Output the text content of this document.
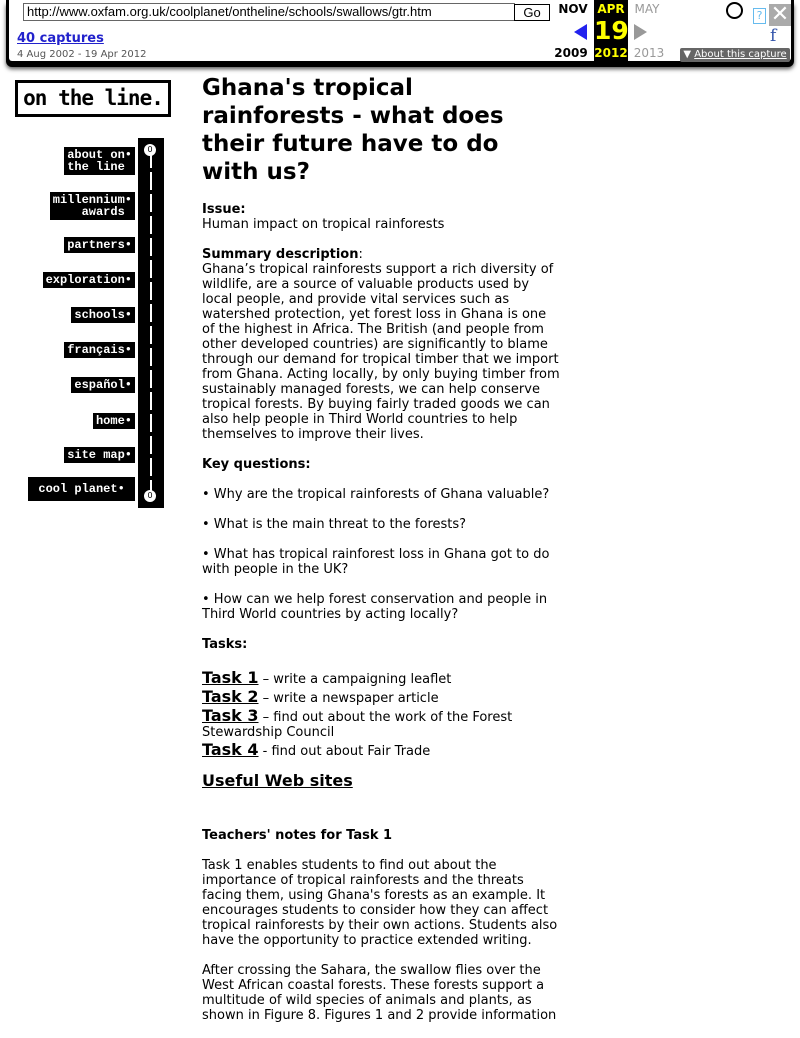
http://www.oxfam.org.uk/coolplanet/ontheline/schools/swallows/gtr.htm	Go
40 captures
4 Aug 2002 - 19 Apr 2012
NOV APR MAY
19
2009 2012 2013
? ✕
f
▼ About this capture
on the line.
about on•
the line
millennium•
awards
partners•
exploration•
schools•
français•
español•
home•
site map•
cool planet•
0
0
Ghana's tropical rainforests - what does their future have to do with us?

Issue:
Human impact on tropical rainforests

Summary description:
Ghana’s tropical rainforests support a rich diversity of wildlife, are a source of valuable products used by local people, and provide vital services such as watershed protection, yet forest loss in Ghana is one of the highest in Africa. The British (and people from other developed countries) are significantly to blame through our demand for tropical timber that we import from Ghana. Acting locally, by only buying timber from sustainably managed forests, we can help conserve tropical forests. By buying fairly traded goods we can also help people in Third World countries to help themselves to improve their lives.

Key questions:

• Why are the tropical rainforests of Ghana valuable?

• What is the main threat to the forests?

• What has tropical rainforest loss in Ghana got to do with people in the UK?

• How can we help forest conservation and people in Third World countries by acting locally?

Tasks:

Task 1 – write a campaigning leaflet
Task 2 – write a newspaper article
Task 3 – find out about the work of the Forest Stewardship Council
Task 4 - find out about Fair Trade
Useful Web sites

Teachers' notes for Task 1

Task 1 enables students to find out about the importance of tropical rainforests and the threats facing them, using Ghana's forests as an example. It encourages students to consider how they can affect tropical rainforests by their own actions. Students also have the opportunity to practice extended writing.

After crossing the Sahara, the swallow flies over the West African coastal forests. These forests support a multitude of wild species of animals and plants, as shown in Figure 8. Figures 1 and 2 provide information
